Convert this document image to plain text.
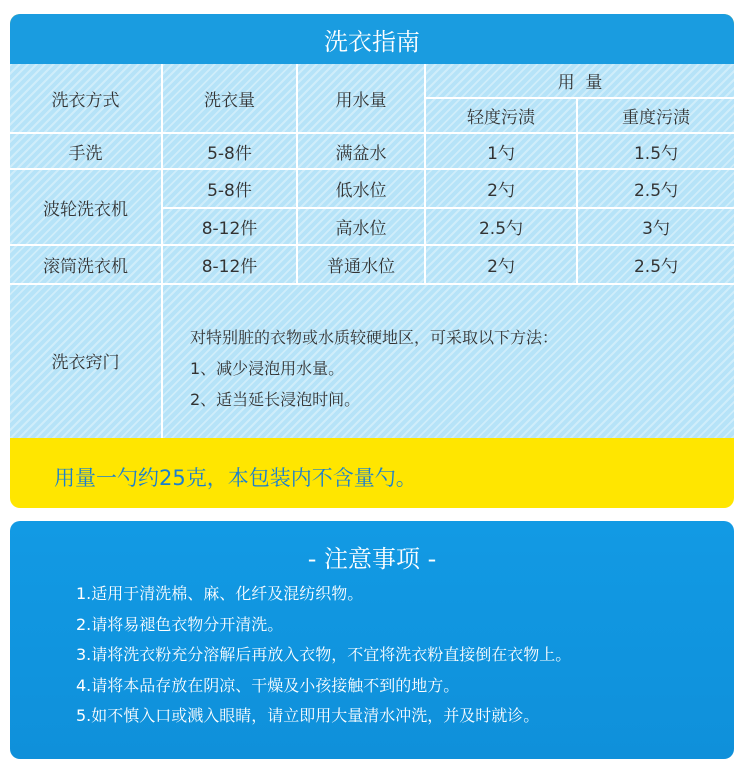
洗衣指南
洗衣方式	洗衣量	用水量
用  量
轻度污渍	重度污渍
手洗	5-8件	满盆水	1勺	1.5勺
波轮洗衣机
5-8件	低水位	2勺	2.5勺
8-12件	高水位	2.5勺	3勺
滚筒洗衣机	8-12件	普通水位	2勺	2.5勺
洗衣窍门
对特别脏的衣物或水质较硬地区，可采取以下方法：
1、减少浸泡用水量。
2、适当延长浸泡时间。
用量一勺约25克，本包装内不含量勺。
- 注意事项 -
1.适用于清洗棉、麻、化纤及混纺织物。
2.请将易褪色衣物分开清洗。
3.请将洗衣粉充分溶解后再放入衣物，不宜将洗衣粉直接倒在衣物上。
4.请将本品存放在阴凉、干燥及小孩接触不到的地方。
5.如不慎入口或溅入眼睛，请立即用大量清水冲洗，并及时就诊。
